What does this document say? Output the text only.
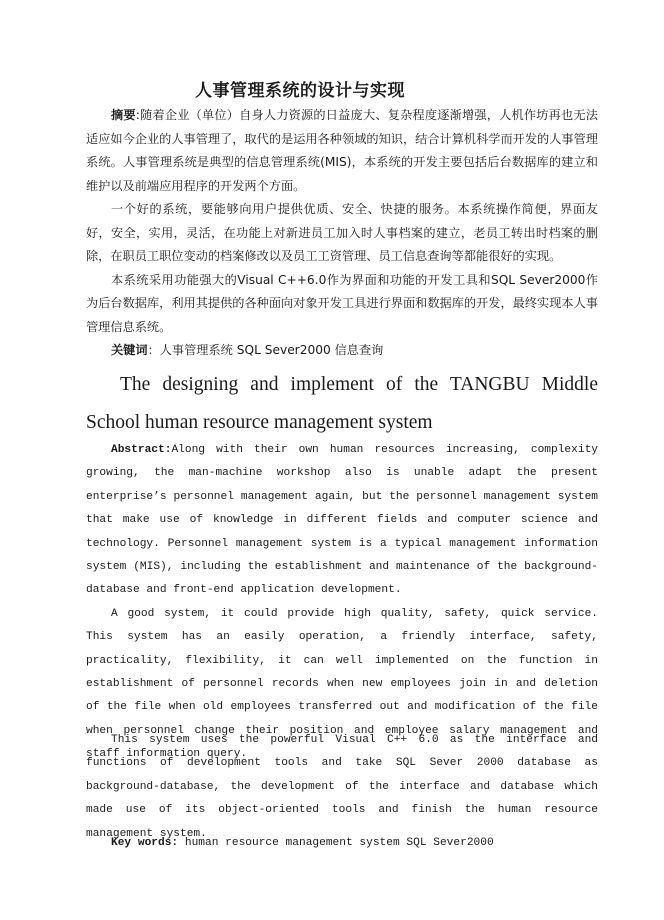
人事管理系统的设计与实现

摘要:随着企业（单位）自身人力资源的日益庞大、复杂程度逐渐增强，人机作坊再也无法适应如今企业的人事管理了，取代的是运用各种领域的知识，结合计算机科学而开发的人事管理系统。人事管理系统是典型的信息管理系统(MIS)，本系统的开发主要包括后台数据库的建立和维护以及前端应用程序的开发两个方面。

一个好的系统，要能够向用户提供优质、安全、快捷的服务。本系统操作简便，界面友好，安全，实用，灵活，在功能上对新进员工加入时人事档案的建立，老员工转出时档案的删除，在职员工职位变动的档案修改以及员工工资管理、员工信息查询等都能很好的实现。

本系统采用功能强大的Visual C++6.0作为界面和功能的开发工具和SQL Sever2000作为后台数据库，利用其提供的各种面向对象开发工具进行界面和数据库的开发，最终实现本人事管理信息系统。

关键词：人事管理系统 SQL Sever2000 信息查询

The designing and implement of the TANGBU Middle
School human resource management system

Abstract:Along with their own human resources increasing, complexity growing, the man-machine workshop also is unable adapt the present enterprise’s personnel management again, but the personnel management system that make use of knowledge in different fields and computer science and technology. Personnel management system is a typical management information system (MIS), including the establishment and maintenance of the background-database and front-end application development.

A good system, it could provide high quality, safety, quick service. This system has an easily operation, a friendly interface, safety, practicality, flexibility, it can well implemented on the function in establishment of personnel records when new employees join in and deletion of the file when old employees transferred out and modification of the file when personnel change their position and employee salary management and staff information query.

This system uses the powerful Visual C++ 6.0 as the interface and functions of development tools and take SQL Sever 2000 database as background-database, the development of the interface and database which made use of its object-oriented tools and finish the human resource management system.

Key words: human resource management system SQL Sever2000
